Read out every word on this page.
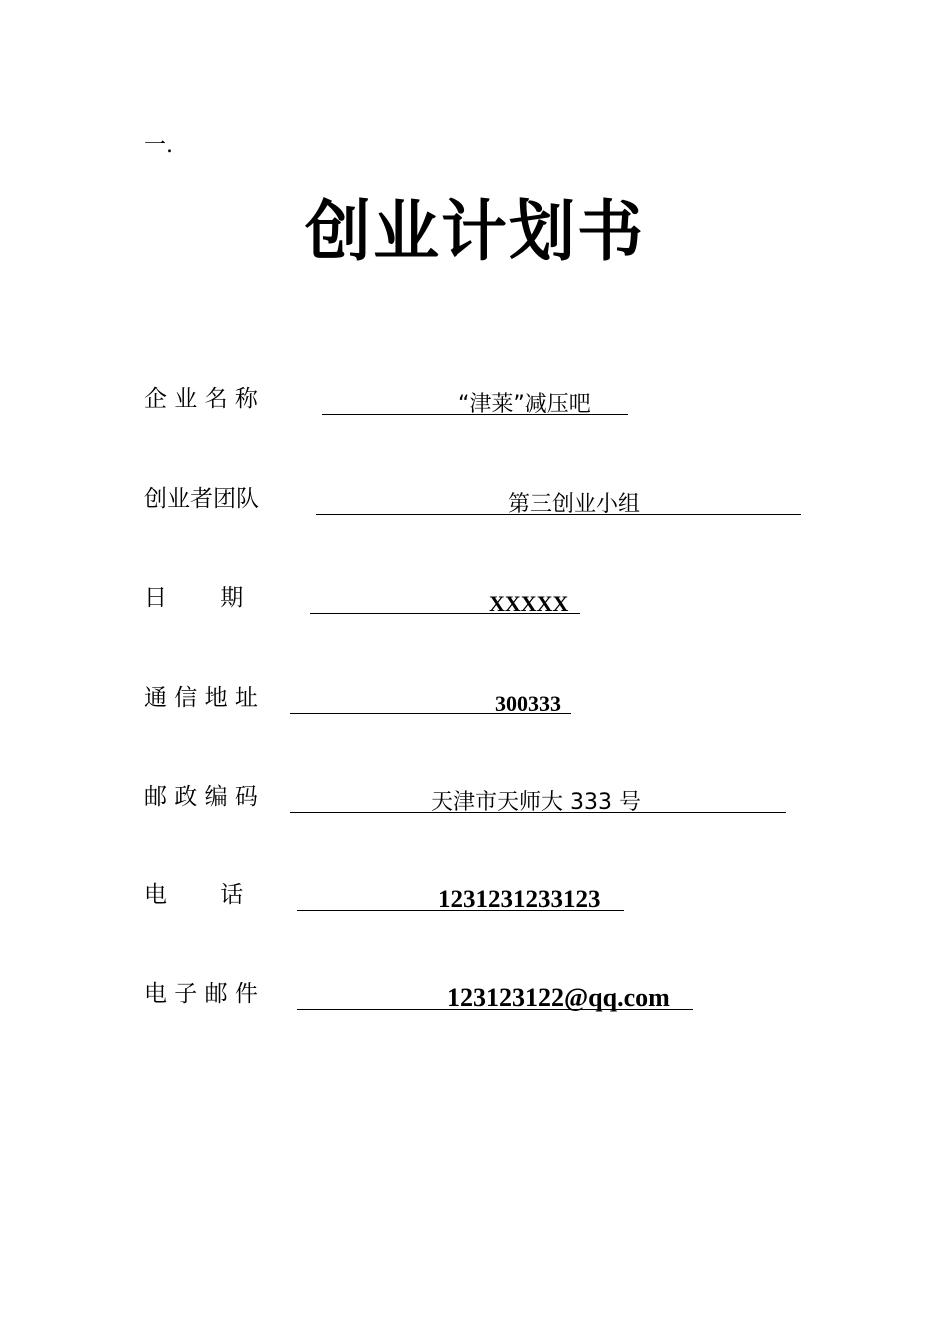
一.
创业计划书
企 业 名 称	“津莱”减压吧
创业者团队	第三创业小组
日　　 期	XXXXX
通 信 地 址	300333
邮 政 编 码	天津市天师大 333 号
电　　 话	1231231233123
电 子 邮 件	123123122@qq.com
